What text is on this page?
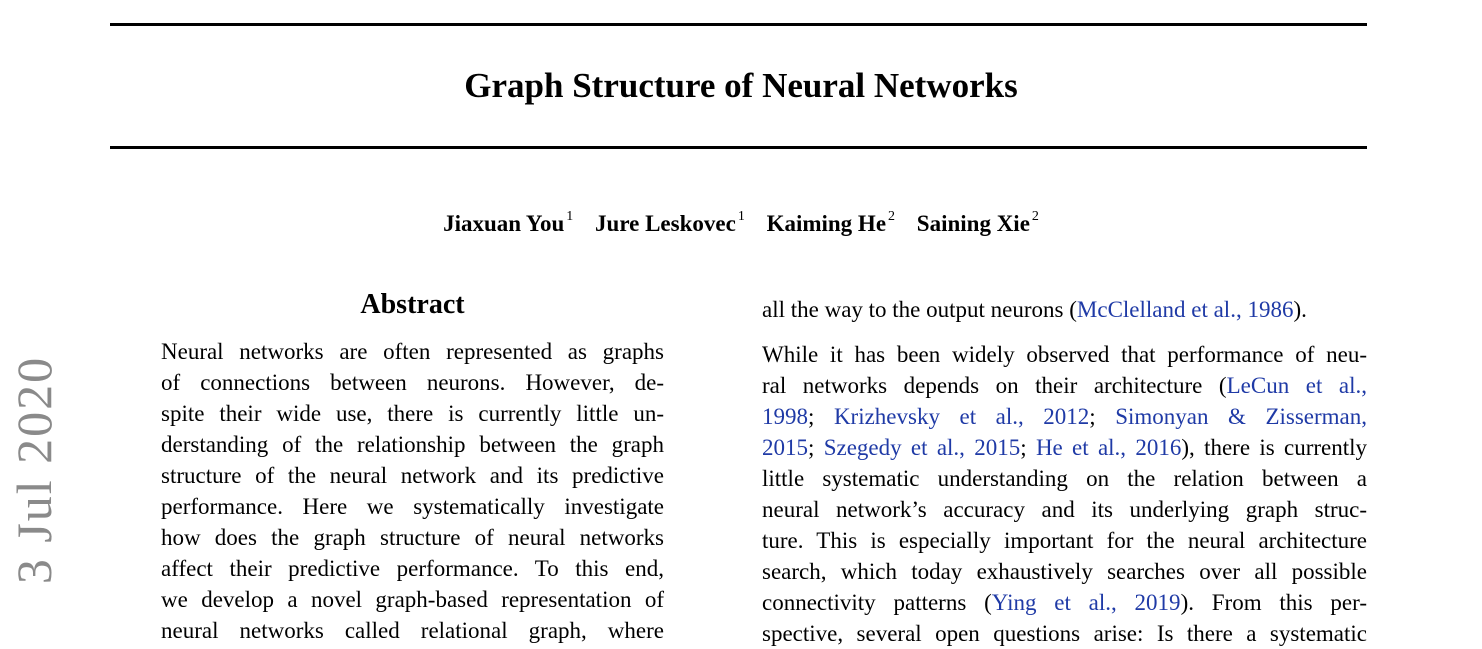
Graph Structure of Neural Networks
Jiaxuan You $^1$ Jure Leskovec $^1$ Kaiming He $^2$ Saining Xie $^2$
3 Jul 2020
Abstract
Neural networks are often represented as graphs
of connections between neurons. However, de-
spite their wide use, there is currently little un-
derstanding of the relationship between the graph
structure of the neural network and its predictive
performance. Here we systematically investigate
how does the graph structure of neural networks
affect their predictive performance. To this end,
we develop a novel graph-based representation of
neural networks called relational graph, where
all the way to the output neurons (McClelland et al., 1986).
While it has been widely observed that performance of neu-
ral networks depends on their architecture (LeCun et al.,
1998; Krizhevsky et al., 2012; Simonyan & Zisserman,
2015; Szegedy et al., 2015; He et al., 2016), there is currently
little systematic understanding on the relation between a
neural network’s accuracy and its underlying graph struc-
ture. This is especially important for the neural architecture
search, which today exhaustively searches over all possible
connectivity patterns (Ying et al., 2019). From this per-
spective, several open questions arise: Is there a systematic
